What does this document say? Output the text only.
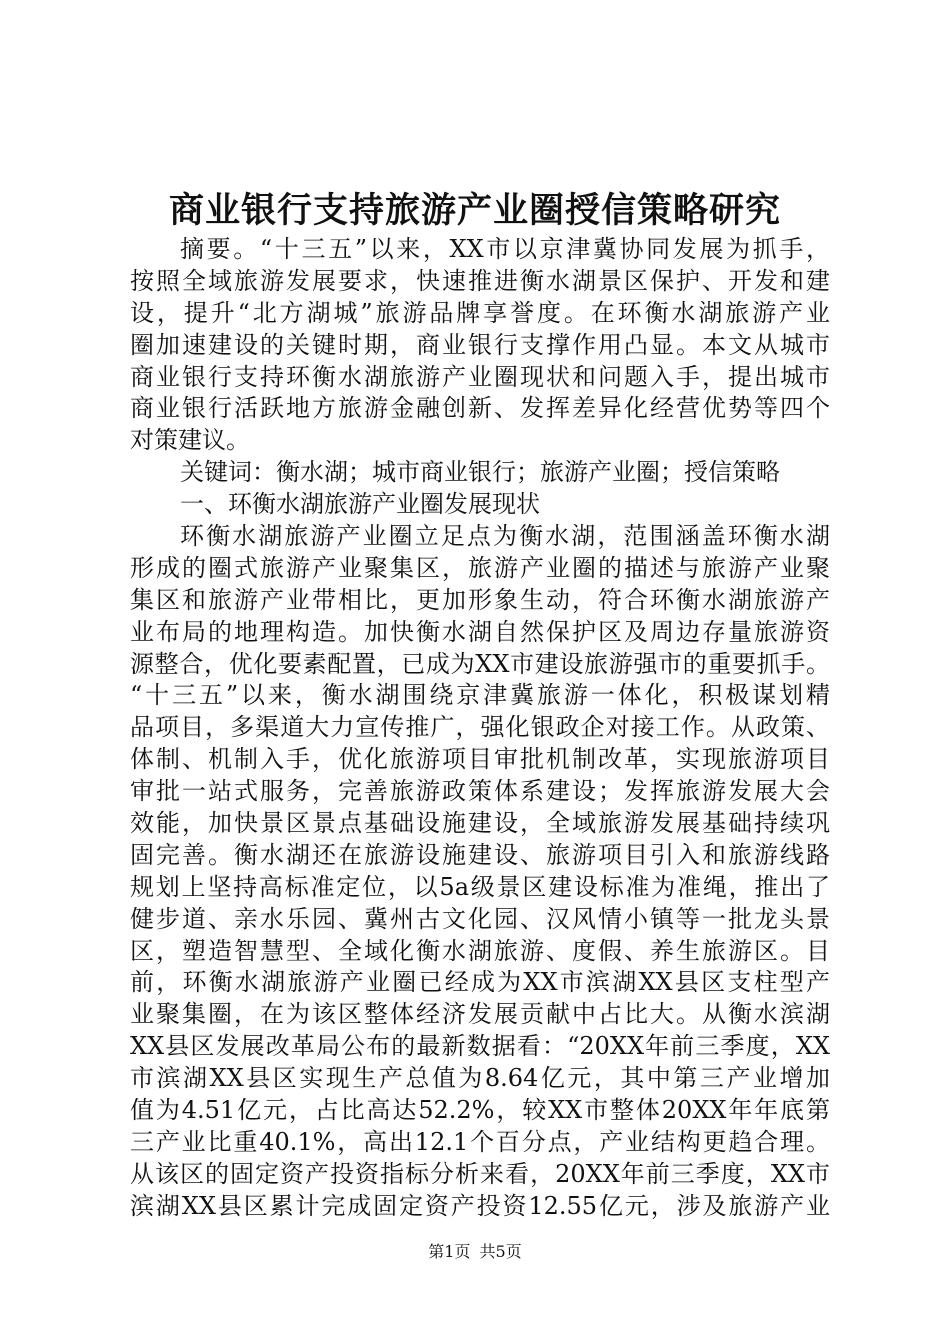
商业银行支持旅游产业圈授信策略研究
摘要。“十三五”以来，XX市以京津冀协同发展为抓手，
按照全域旅游发展要求，快速推进衡水湖景区保护、开发和建
设，提升“北方湖城”旅游品牌享誉度。在环衡水湖旅游产业
圈加速建设的关键时期，商业银行支撑作用凸显。本文从城市
商业银行支持环衡水湖旅游产业圈现状和问题入手，提出城市
商业银行活跃地方旅游金融创新、发挥差异化经营优势等四个
对策建议。
关键词：衡水湖；城市商业银行；旅游产业圈；授信策略
一、环衡水湖旅游产业圈发展现状
环衡水湖旅游产业圈立足点为衡水湖，范围涵盖环衡水湖
形成的圈式旅游产业聚集区，旅游产业圈的描述与旅游产业聚
集区和旅游产业带相比，更加形象生动，符合环衡水湖旅游产
业布局的地理构造。加快衡水湖自然保护区及周边存量旅游资
源整合，优化要素配置，已成为XX市建设旅游强市的重要抓手。
“十三五”以来，衡水湖围绕京津冀旅游一体化，积极谋划精
品项目，多渠道大力宣传推广，强化银政企对接工作。从政策、
体制、机制入手，优化旅游项目审批机制改革，实现旅游项目
审批一站式服务，完善旅游政策体系建设；发挥旅游发展大会
效能，加快景区景点基础设施建设，全域旅游发展基础持续巩
固完善。衡水湖还在旅游设施建设、旅游项目引入和旅游线路
规划上坚持高标准定位，以5a级景区建设标准为准绳，推出了
健步道、亲水乐园、冀州古文化园、汉风情小镇等一批龙头景
区，塑造智慧型、全域化衡水湖旅游、度假、养生旅游区。目
前，环衡水湖旅游产业圈已经成为XX市滨湖XX县区支柱型产
业聚集圈，在为该区整体经济发展贡献中占比大。从衡水滨湖
XX县区发展改革局公布的最新数据看：“20XX年前三季度，XX
市滨湖XX县区实现生产总值为8.64亿元，其中第三产业增加
值为4.51亿元，占比高达52.2%，较XX市整体20XX年年底第
三产业比重40.1%，高出12.1个百分点，产业结构更趋合理。
从该区的固定资产投资指标分析来看，20XX年前三季度，XX市
滨湖XX县区累计完成固定资产投资12.55亿元，涉及旅游产业
第1页 共5页
